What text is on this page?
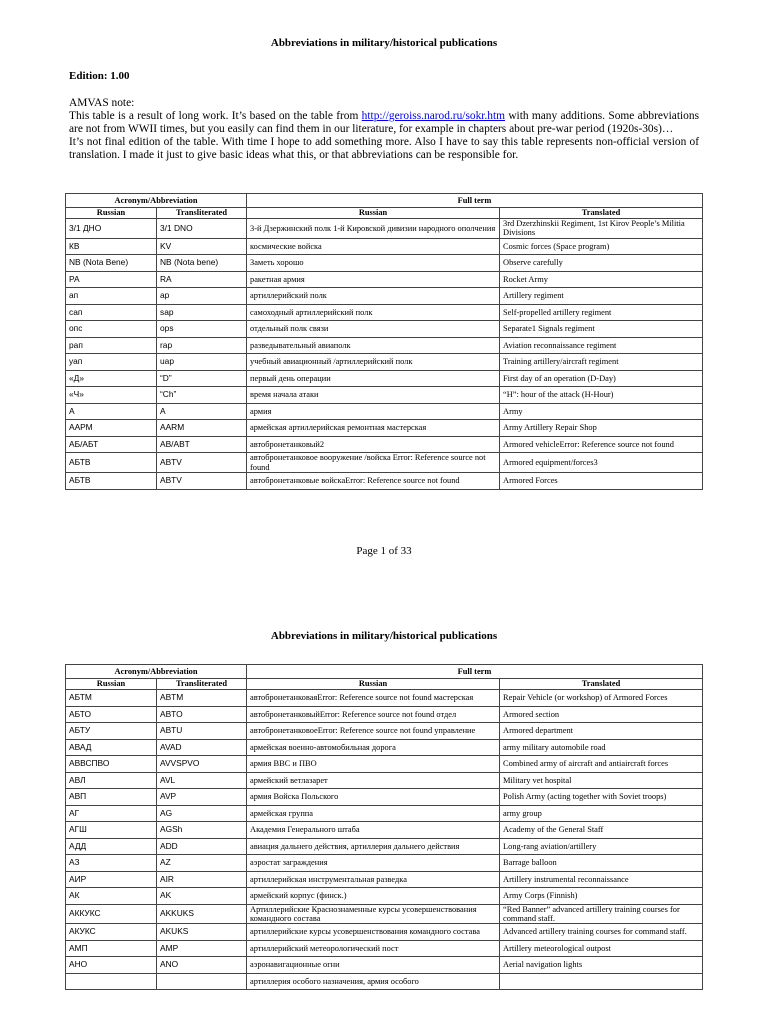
Abbreviations in military/historical publications
Edition: 1.00

AMVAS note:

This table is a result of long work. It’s based on the table from http://geroiss.narod.ru/sokr.htm with many additions. Some abbreviations are not from WWII times, but you easily can find them in our literature, for example in chapters about pre-war period (1920s-30s)…

It’s not final edition of the table. With time I hope to add something more. Also I have to say this table represents non-official version of translation. I made it just to give basic ideas what this, or that abbreviations can be responsible for.

Acronym/Abbreviation		Full term	
Russian	Transliterated	Russian	Translated
3/1 ДНО	3/1 DNO	3-й Дзержинский полк 1-й Кировской дивизии народного ополчения	3rd Dzerzhinskii Regiment, 1st Kirov People’s Militia Divisions
КВ	KV	космические войска	Cosmic forces (Space program)
NB (Nota Bene)	NB (Nota bene)	Заметь хорошо	Observe carefully
РА	RA	ракетная армия	Rocket Army
ап	ap	артиллерийский полк	Artillery regiment
сап	sap	самоходный артиллерийский полк	Self-propelled artillery regiment
опс	ops	отдельный полк связи	Separate1 Signals regiment
рап	rap	разведывательный авиаполк	Aviation reconnaissance regiment
уап	uap	учебный авиационный /артиллерийский полк	Training artillery/aircraft regiment
«Д»	“D”	первый день операции	First day of an operation (D-Day)
«Ч»	“Ch”	время начала атаки	“H”: hour of the attack (H-Hour)
А	A	армия	Army
ААРМ	AARM	армейская артиллерийская ремонтная мастерская	Army Artillery Repair Shop
АБ/АБТ	AB/ABT	автобронетанковый2	Armored vehicleError: Reference source not found
АБТВ	ABTV	автобронетанковое вооружение /войска Error: Reference source not found	Armored equipment/forces3
АБТВ	ABTV	автобронетанковые войскаError: Reference source not found	Armored Forces
Page 1 of 33
Abbreviations in military/historical publications
Acronym/Abbreviation		Full term	
Russian	Transliterated	Russian	Translated
АБТМ	ABTM	автобронетанковаяError: Reference source not found мастерская	Repair Vehicle (or workshop) of Armored Forces
АБТО	ABTO	автобронетанковыйError: Reference source not found отдел	Armored section
АБТУ	ABTU	автобронетанковоеError: Reference source not found управление	Armored department
АВАД	AVAD	армейская военно-автомобильная дорога	army military automobile road
АВВСПВО	AVVSPVO	армия ВВС и ПВО	Combined army of aircraft and antiaircraft forces
АВЛ	AVL	армейский ветлазарет	Military vet hospital
АВП	AVP	армия Войска Польского	Polish Army (acting together with Soviet troops)
АГ	AG	армейская группа	army group
АГШ	AGSh	Академия Генерального штаба	Academy of the General Staff
АДД	ADD	авиация дальнего действия, артиллерия дальнего действия	Long-rang aviation/artillery
АЗ	AZ	аэростат заграждения	Barrage balloon
АИР	AIR	артиллерийская инструментальная разведка	Artillery instrumental reconnaissance
АК	AK	армейский корпус (финск.)	Army Corps (Finnish)
АККУКС	AKKUKS	Артиллерийские Краснознаменные курсы усовершенствования командного состава	“Red Banner” advanced artillery training courses for command staff.
АКУКС	AKUKS	артиллерийские курсы усовершенствования командного состава	Advanced artillery training courses for command staff.
АМП	AMP	артиллерийский метеорологический пост	Artillery meteorological outpost
АНО	ANO	аэронавигационные огни	Aerial navigation lights
		артиллерия особого назначения, армия особого	
